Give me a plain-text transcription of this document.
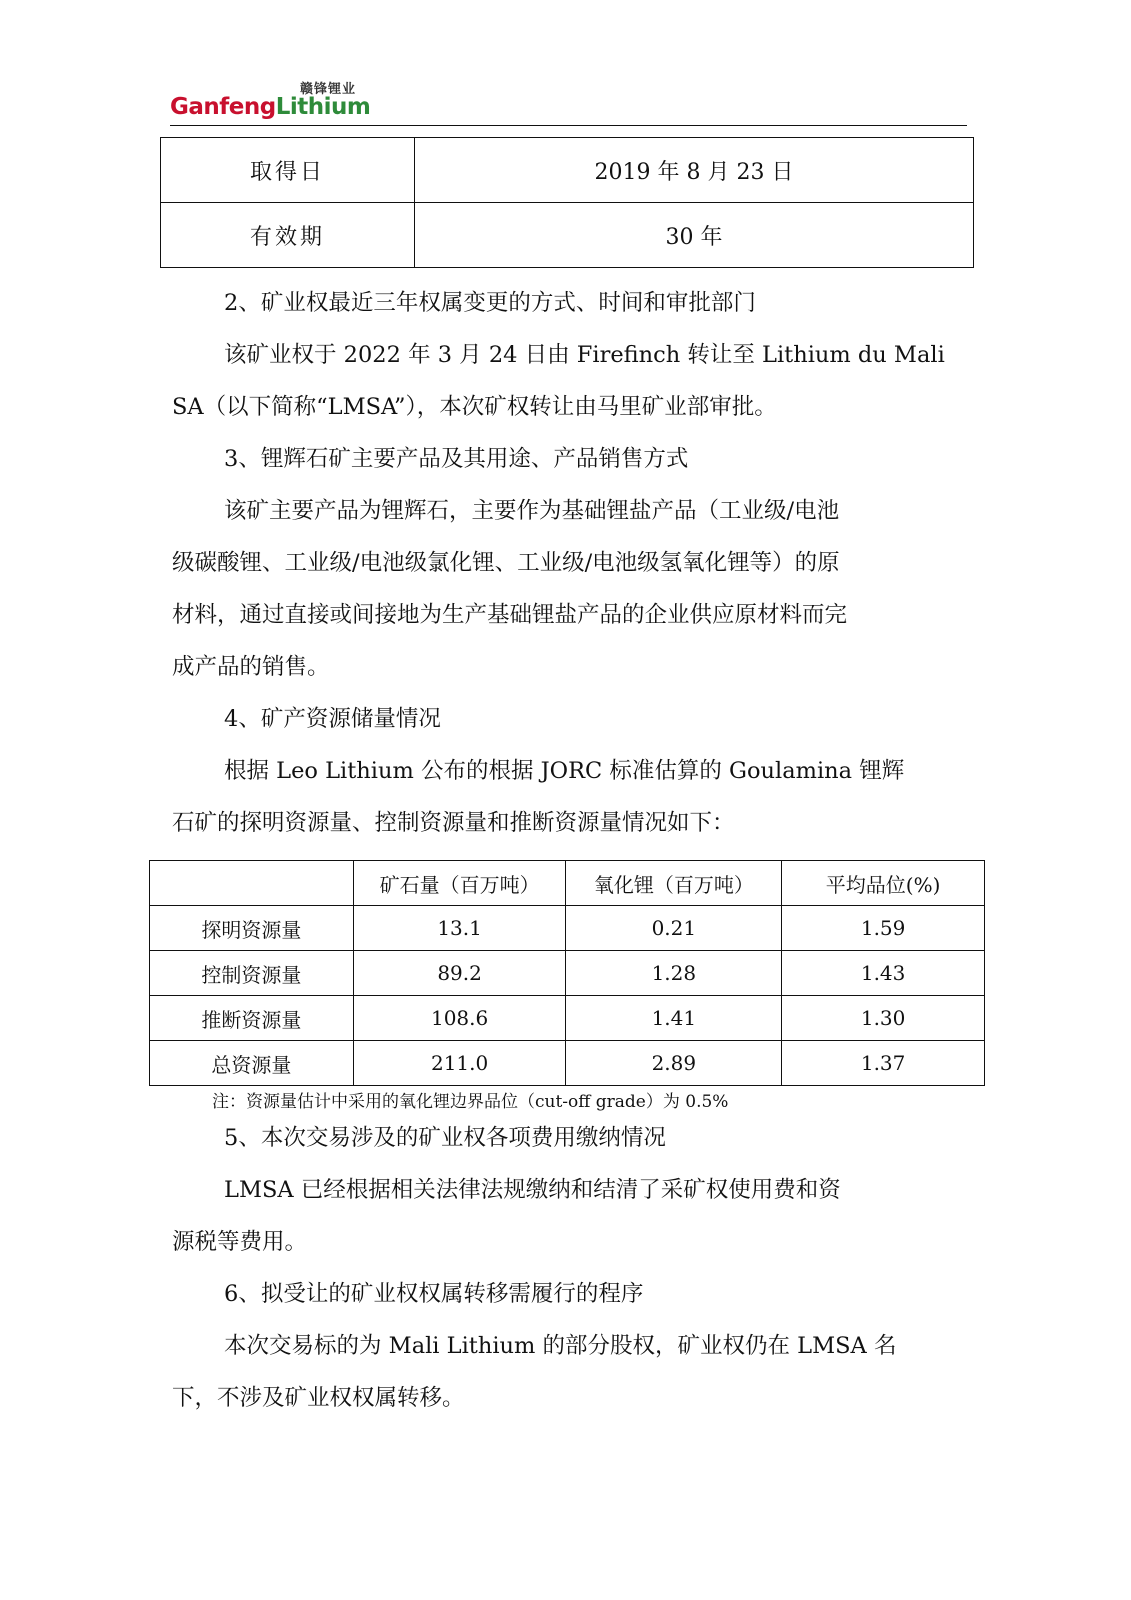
赣锋锂业
GanfengLithium
取得日	2019 年 8 月 23 日
有效期	30 年
2、矿业权最近三年权属变更的方式、时间和审批部门
该矿业权于 2022 年 3 月 24 日由 Firefinch 转让至 Lithium du Mali
SA（以下简称“LMSA”），本次矿权转让由马里矿业部审批。
3、锂辉石矿主要产品及其用途、产品销售方式
该矿主要产品为锂辉石，主要作为基础锂盐产品（工业级/电池
级碳酸锂、工业级/电池级氯化锂、工业级/电池级氢氧化锂等）的原
材料，通过直接或间接地为生产基础锂盐产品的企业供应原材料而完
成产品的销售。
4、矿产资源储量情况
根据 Leo Lithium 公布的根据 JORC 标准估算的 Goulamina 锂辉
石矿的探明资源量、控制资源量和推断资源量情况如下：
	矿石量（百万吨）	氧化锂（百万吨）	平均品位(%)
探明资源量	13.1	0.21	1.59
控制资源量	89.2	1.28	1.43
推断资源量	108.6	1.41	1.30
总资源量	211.0	2.89	1.37
注：资源量估计中采用的氧化锂边界品位（cut-off grade）为 0.5%
5、本次交易涉及的矿业权各项费用缴纳情况
LMSA 已经根据相关法律法规缴纳和结清了采矿权使用费和资
源税等费用。
6、拟受让的矿业权权属转移需履行的程序
本次交易标的为 Mali Lithium 的部分股权，矿业权仍在 LMSA 名
下，不涉及矿业权权属转移。
